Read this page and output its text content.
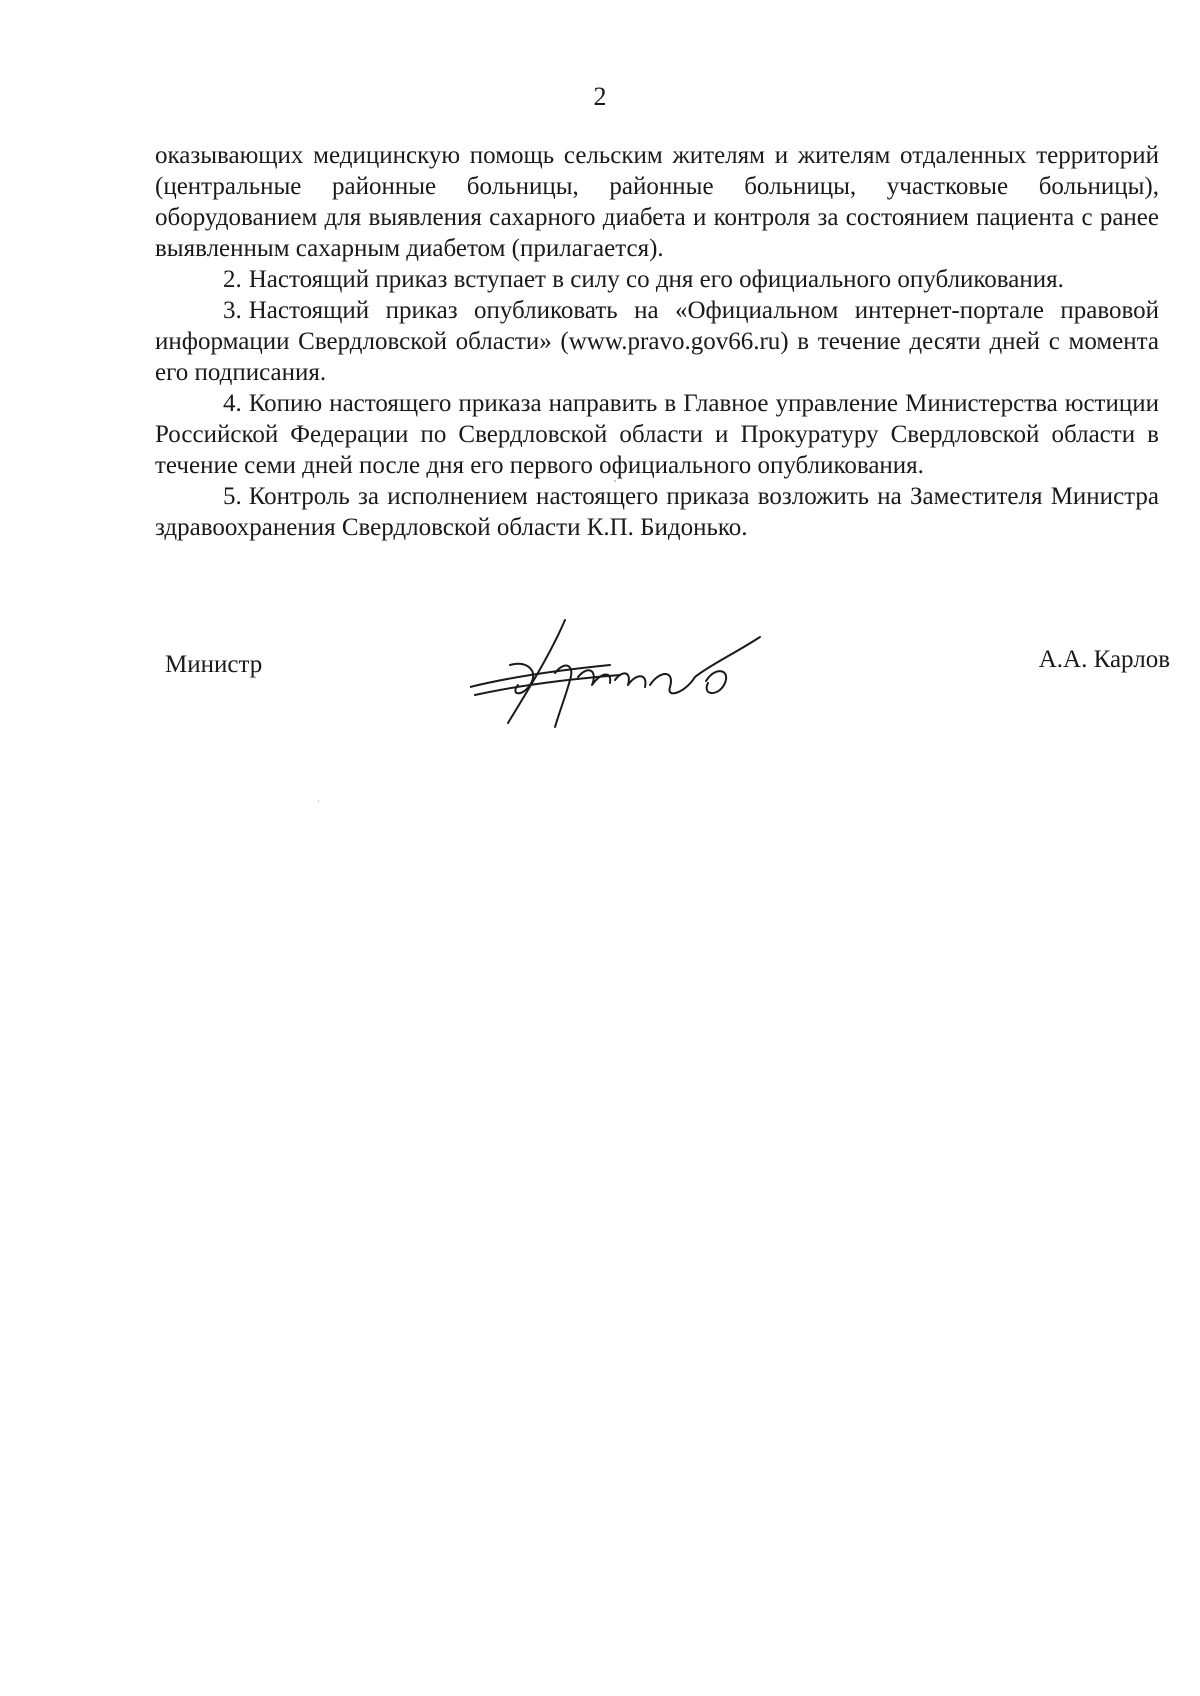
2

оказывающих медицинскую помощь сельским жителям и жителям отдаленных территорий (центральные районные больницы, районные больницы, участковые больницы), оборудованием для выявления сахарного диабета и контроля за состоянием пациента с ранее выявленным сахарным диабетом (прилагается).

2. Настоящий приказ вступает в силу со дня его официального опубликования.

3. Настоящий приказ опубликовать на «Официальном интернет-портале правовой информации Свердловской области» (www.pravo.gov66.ru) в течение десяти дней с момента его подписания.

4. Копию настоящего приказа направить в Главное управление Министерства юстиции Российской Федерации по Свердловской области и Прокуратуру Свердловской области в течение семи дней после дня его первого официального опубликования.

5. Контроль за исполнением настоящего приказа возложить на Заместителя Министра здравоохранения Свердловской области К.П. Бидонько.

Министр	А.А. Карлов
